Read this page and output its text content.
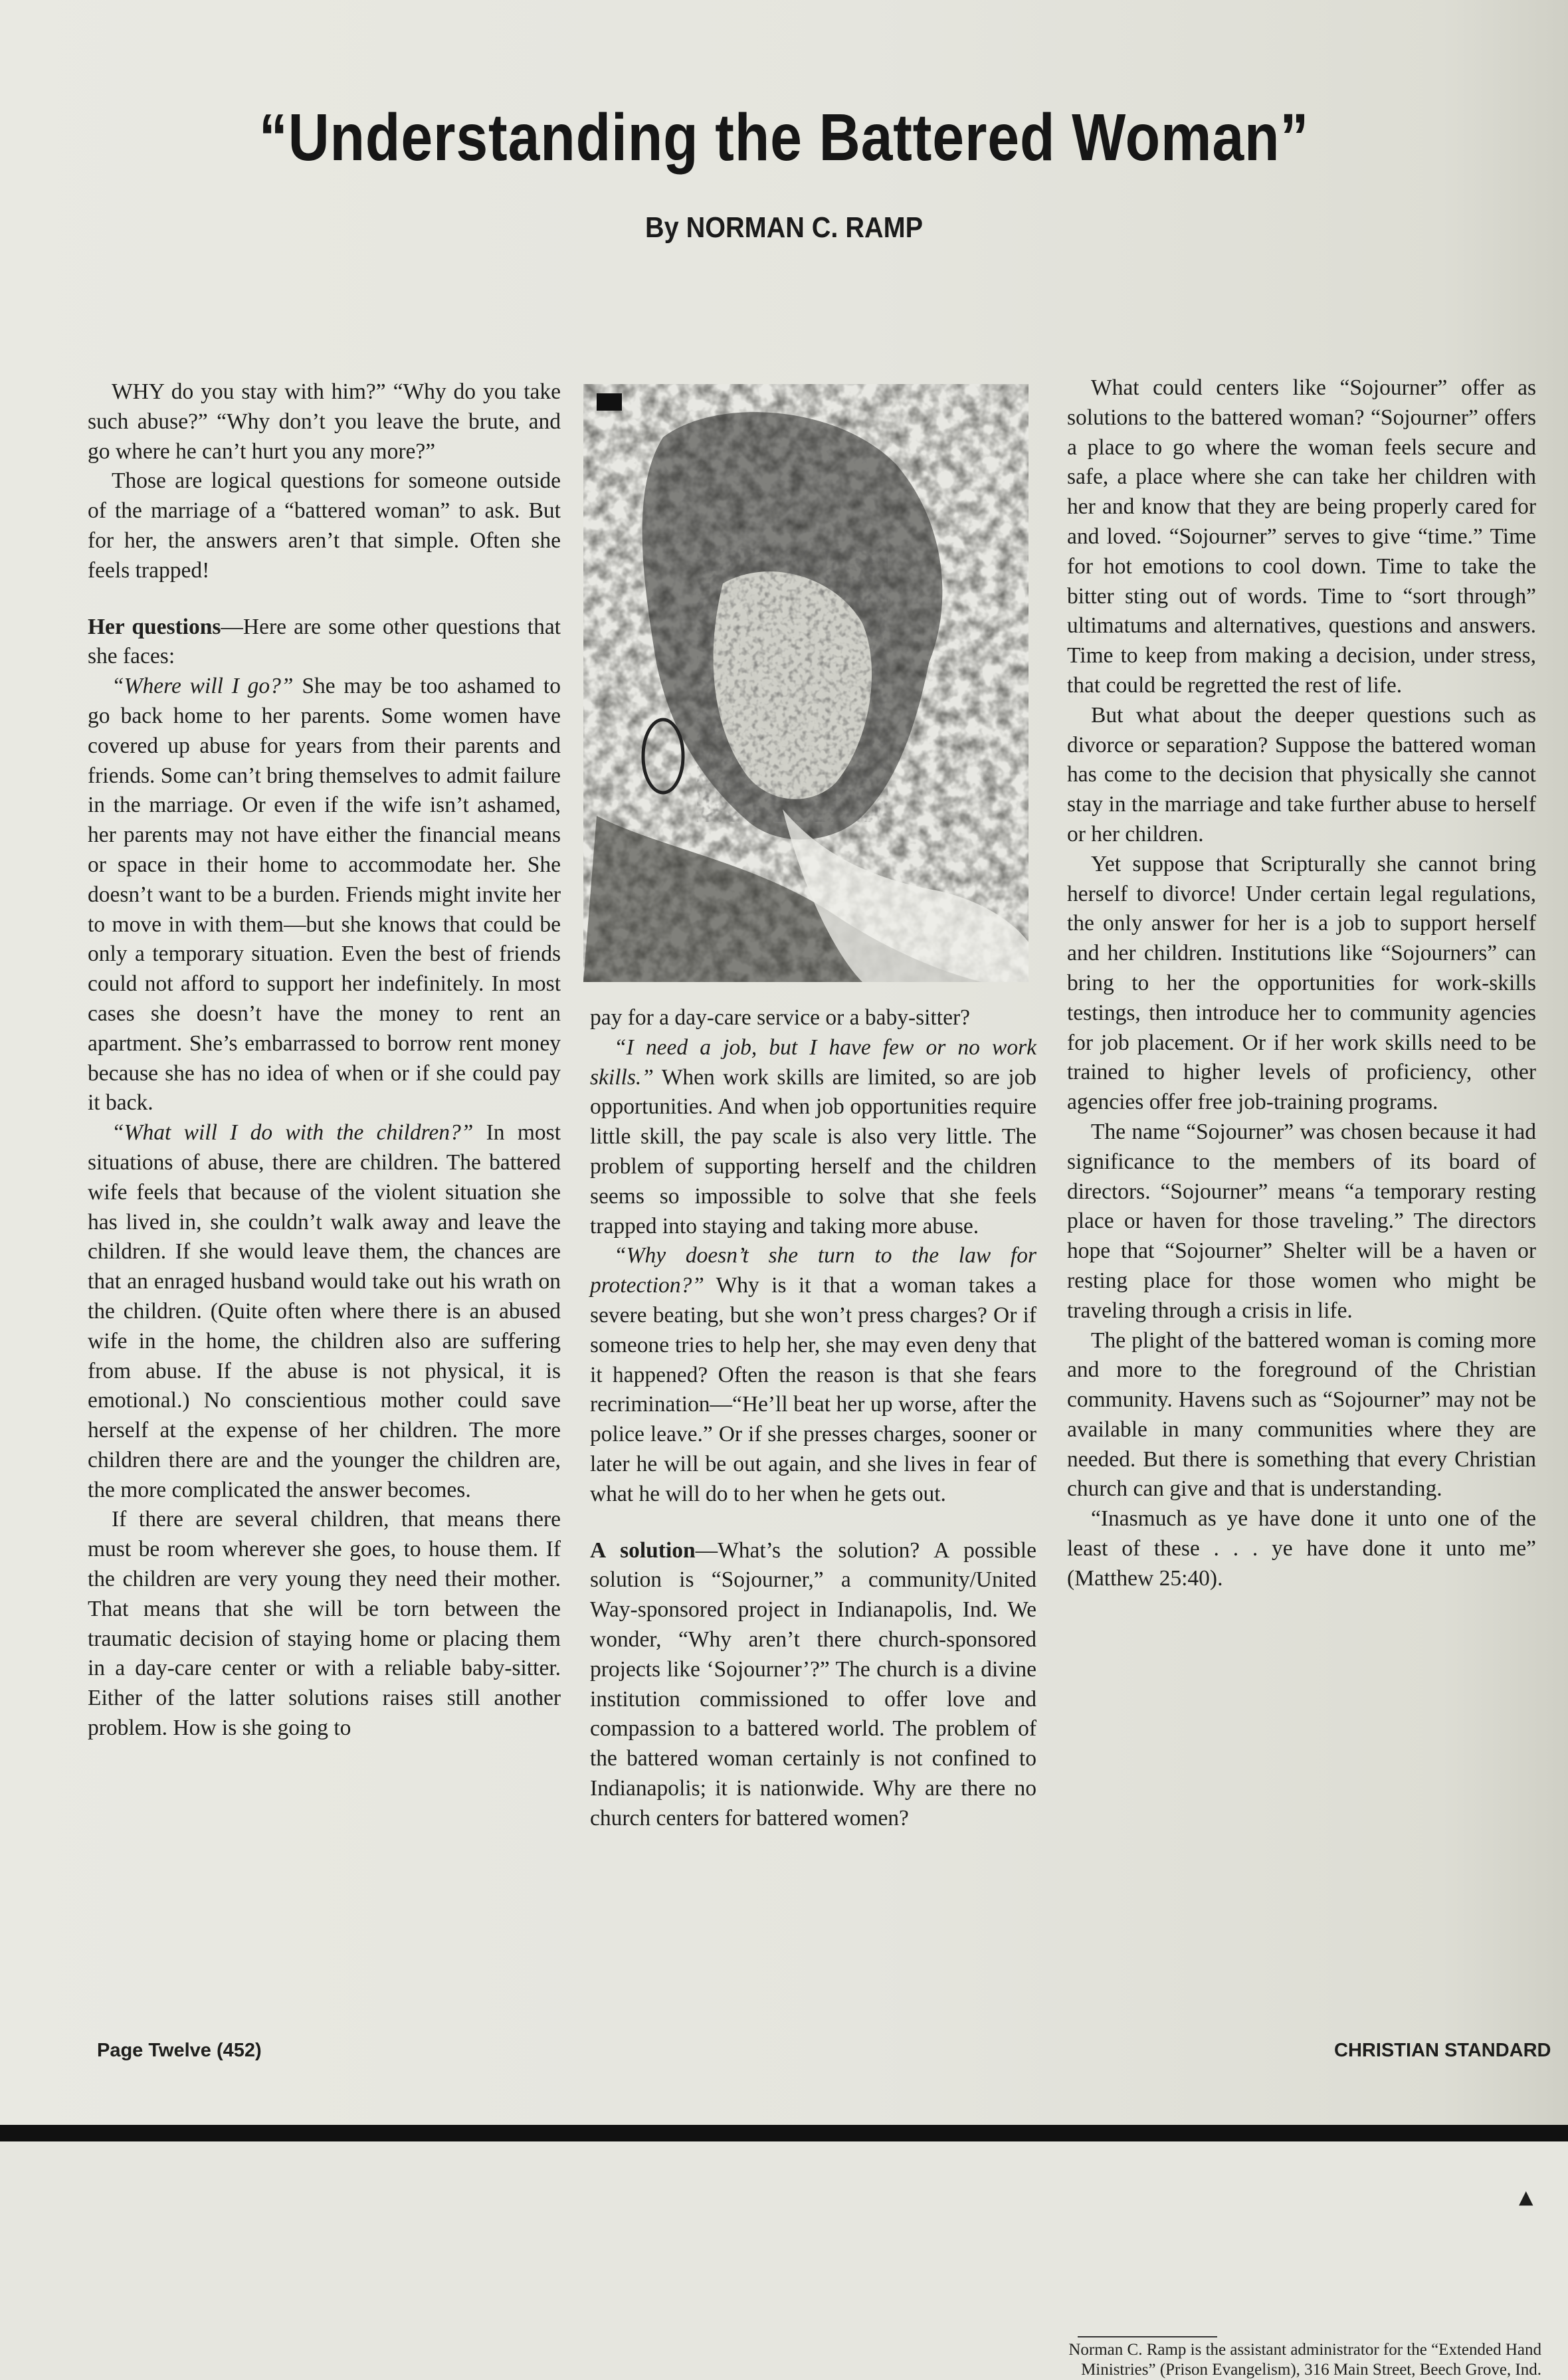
“Understanding the Battered Woman”
By NORMAN C. RAMP

WHY do you stay with him?” “Why do you take such abuse?” “Why don’t you leave the brute, and go where he can’t hurt you any more?”

Those are logical questions for someone outside of the marriage of a “battered woman” to ask. But for her, the answers aren’t that simple. Often she feels trapped!

Her questions—Here are some other questions that she faces:

“Where will I go?” She may be too ashamed to go back home to her parents. Some women have covered up abuse for years from their parents and friends. Some can’t bring themselves to admit failure in the marriage. Or even if the wife isn’t ashamed, her parents may not have either the financial means or space in their home to accommodate her. She doesn’t want to be a burden. Friends might invite her to move in with them—but she knows that could be only a temporary situation. Even the best of friends could not afford to support her indefinitely. In most cases she doesn’t have the money to rent an apartment. She’s embarrassed to borrow rent money because she has no idea of when or if she could pay it back.

“What will I do with the children?” In most situations of abuse, there are children. The battered wife feels that because of the violent situation she has lived in, she couldn’t walk away and leave the children. If she would leave them, the chances are that an enraged husband would take out his wrath on the children. (Quite often where there is an abused wife in the home, the children also are suffering from abuse. If the abuse is not physical, it is emotional.) No conscientious mother could save herself at the expense of her children. The more children there are and the younger the children are, the more complicated the answer becomes.

If there are several children, that means there must be room wherever she goes, to house them. If the children are very young they need their mother. That means that she will be torn between the traumatic decision of staying home or placing them in a day-care center or with a reliable baby-sitter. Either of the latter solutions raises still another problem. How is she going to

pay for a day-care service or a baby-sitter?

“I need a job, but I have few or no work skills.” When work skills are limited, so are job opportunities. And when job opportunities require little skill, the pay scale is also very little. The problem of supporting herself and the children seems so impossible to solve that she feels trapped into staying and taking more abuse.

“Why doesn’t she turn to the law for protection?” Why is it that a woman takes a severe beating, but she won’t press charges? Or if someone tries to help her, she may even deny that it happened? Often the reason is that she fears recrimination—“He’ll beat her up worse, after the police leave.” Or if she presses charges, sooner or later he will be out again, and she lives in fear of what he will do to her when he gets out.

A solution—What’s the solution? A possible solution is “Sojourner,” a community/United Way-sponsored project in Indianapolis, Ind. We wonder, “Why aren’t there church-sponsored projects like ‘Sojourner’?” The church is a divine institution commissioned to offer love and compassion to a battered world. The problem of the battered woman certainly is not confined to Indianapolis; it is nationwide. Why are there no church centers for battered women?

What could centers like “Sojourner” offer as solutions to the battered woman? “Sojourner” offers a place to go where the woman feels secure and safe, a place where she can take her children with her and know that they are being properly cared for and loved. “Sojourner” serves to give “time.” Time for hot emotions to cool down. Time to take the bitter sting out of words. Time to “sort through” ultimatums and alternatives, questions and answers. Time to keep from making a decision, under stress, that could be regretted the rest of life.

But what about the deeper questions such as divorce or separation? Suppose the battered woman has come to the decision that physically she cannot stay in the marriage and take further abuse to herself or her children.

Yet suppose that Scripturally she cannot bring herself to divorce! Under certain legal regulations, the only answer for her is a job to support herself and her children. Institutions like “Sojourners” can bring to her the opportunities for work-skills testings, then introduce her to community agencies for job placement. Or if her work skills need to be trained to higher levels of proficiency, other agencies offer free job-training programs.

The name “Sojourner” was chosen because it had significance to the members of its board of directors. “Sojourner” means “a temporary resting place or haven for those traveling.” The directors hope that “Sojourner” Shelter will be a haven or resting place for those women who might be traveling through a crisis in life.

The plight of the battered woman is coming more and more to the foreground of the Christian community. Havens such as “Sojourner” may not be available in many communities where they are needed. But there is something that every Christian church can give and that is understanding.

“Inasmuch as ye have done it unto one of the least of these . . . ye have done it unto me” (Matthew 25:40).

▲
Norman C. Ramp is the assistant administrator for the “Extended Hand Ministries” (Prison Evangelism), 316 Main Street, Beech Grove, Ind.
Page Twelve (452)	CHRISTIAN STANDARD
